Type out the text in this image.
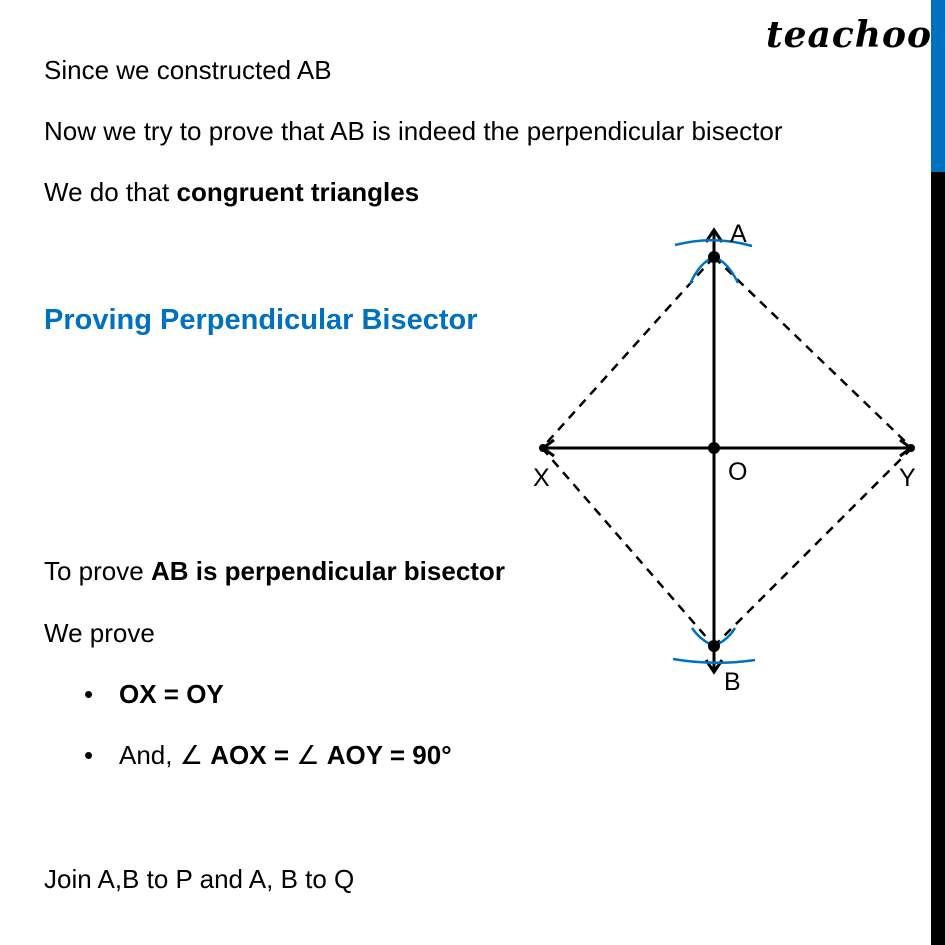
teachoo
Since we constructed AB
Now we try to prove that AB is indeed the perpendicular bisector
We do that congruent triangles
Proving Perpendicular Bisector
To prove AB is perpendicular bisector
We prove
• OX = OY
• And, ∠ AOX = ∠ AOY = 90°
Join A,B to P and A, B to Q
A
B
X	Y
O
